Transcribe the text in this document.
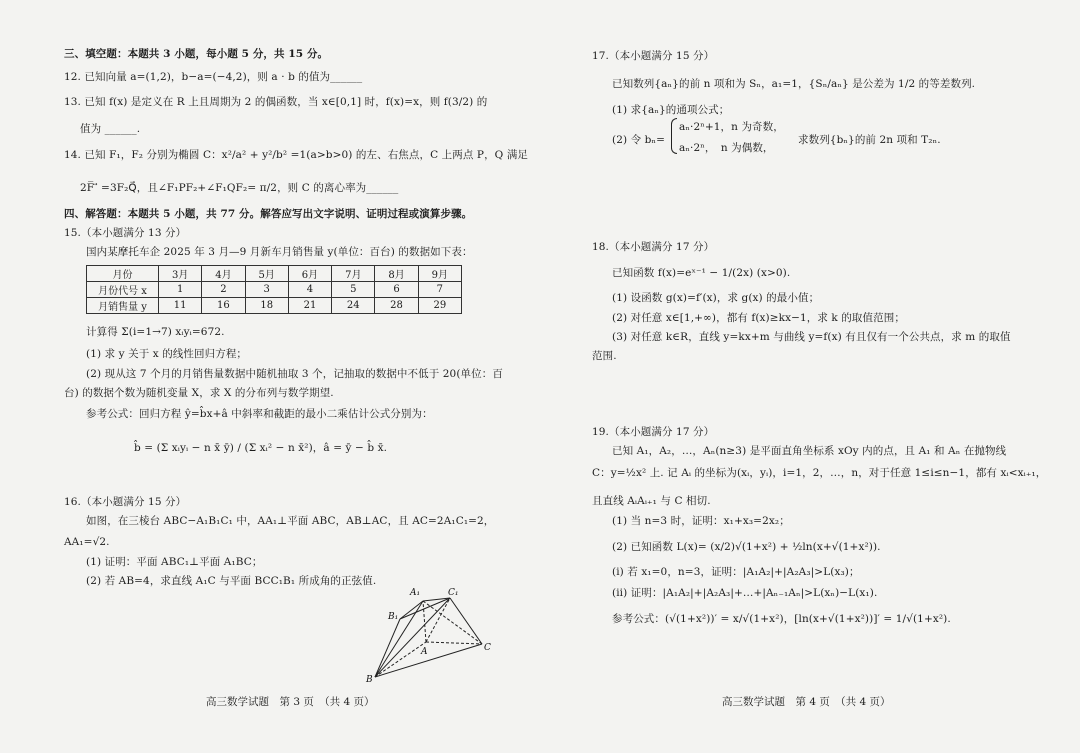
三、填空题：本题共 3 小题，每小题 5 分，共 15 分。
12. 已知向量 a=(1,2)，b−a=(−4,2)，则 a · b 的值为______
13. 已知 f(x) 是定义在 R 上且周期为 2 的偶函数，当 x∈[0,1] 时，f(x)=x，则 f(3/2) 的
值为 ______.
14. 已知 F₁，F₂ 分别为椭圆 C：x²/a² + y²/b² =1(a>b>0) 的左、右焦点，C 上两点 P，Q 满足
2F̅ ⃗ =3F₂Q⃗，且∠F₁PF₂+∠F₁QF₂= π/2，则 C 的离心率为______
四、解答题：本题共 5 小题，共 77 分。解答应写出文字说明、证明过程或演算步骤。
15.（本小题满分 13 分）
国内某摩托车企 2025 年 3 月—9 月新车月销售量 y(单位：百台) 的数据如下表：
月份	3月	4月	5月	6月	7月	8月	9月
月份代号 x	1	2	3	4	5	6	7
月销售量 y	11	16	18	21	24	28	29
计算得 Σ(i=1→7) xᵢyᵢ=672.
(1) 求 y 关于 x 的线性回归方程；
(2) 现从这 7 个月的月销售量数据中随机抽取 3 个，记抽取的数据中不低于 20(单位：百
台) 的数据个数为随机变量 X，求 X 的分布列与数学期望.
参考公式：回归方程 ŷ=b̂x+â 中斜率和截距的最小二乘估计公式分别为：
b̂ = (Σ xᵢyᵢ − n x̄ ȳ) / (Σ xᵢ² − n x̄²)，â = ȳ − b̂ x̄.
16.（本小题满分 15 分）
如图，在三棱台 ABC−A₁B₁C₁ 中，AA₁⊥平面 ABC，AB⊥AC，且 AC=2A₁C₁=2，
AA₁=√2.
(1) 证明：平面 ABC₁⊥平面 A₁BC；
(2) 若 AB=4，求直线 A₁C 与平面 BCC₁B₁ 所成角的正弦值.
A₁	C₁
B₁
A
B
C
高三数学试题　第 3 页　（共 4 页）
17.（本小题满分 15 分）
已知数列{aₙ}的前 n 项和为 Sₙ，a₁=1，{Sₙ/aₙ} 是公差为 1/2 的等差数列.
(1) 求{aₙ}的通项公式；
(2) 令 bₙ=
aₙ·2ⁿ+1，n 为奇数，
aₙ·2ⁿ，　n 为偶数，
求数列{bₙ}的前 2n 项和 T₂ₙ.
18.（本小题满分 17 分）
已知函数 f(x)=eˣ⁻¹ − 1/(2x) (x>0).
(1) 设函数 g(x)=f′(x)，求 g(x) 的最小值；
(2) 对任意 x∈[1,+∞)，都有 f(x)≥kx−1，求 k 的取值范围；
(3) 对任意 k∈R，直线 y=kx+m 与曲线 y=f(x) 有且仅有一个公共点，求 m 的取值
范围.
19.（本小题满分 17 分）
已知 A₁，A₂，…，Aₙ(n≥3) 是平面直角坐标系 xOy 内的点，且 A₁ 和 Aₙ 在抛物线
C：y=½x² 上. 记 Aᵢ 的坐标为(xᵢ，yᵢ)，i=1，2，…，n，对于任意 1≤i≤n−1，都有 xᵢ<xᵢ₊₁，
且直线 AᵢAᵢ₊₁ 与 C 相切.
(1) 当 n=3 时，证明：x₁+x₃=2x₂；
(2) 已知函数 L(x)= (x/2)√(1+x²) + ½ln(x+√(1+x²)).
(i) 若 x₁=0，n=3，证明：|A₁A₂|+|A₂A₃|>L(x₃)；
(ii) 证明：|A₁A₂|+|A₂A₃|+…+|Aₙ₋₁Aₙ|>L(xₙ)−L(x₁).
参考公式：(√(1+x²))′ = x/√(1+x²)，[ln(x+√(1+x²))]′ = 1/√(1+x²).
高三数学试题　第 4 页　（共 4 页）
